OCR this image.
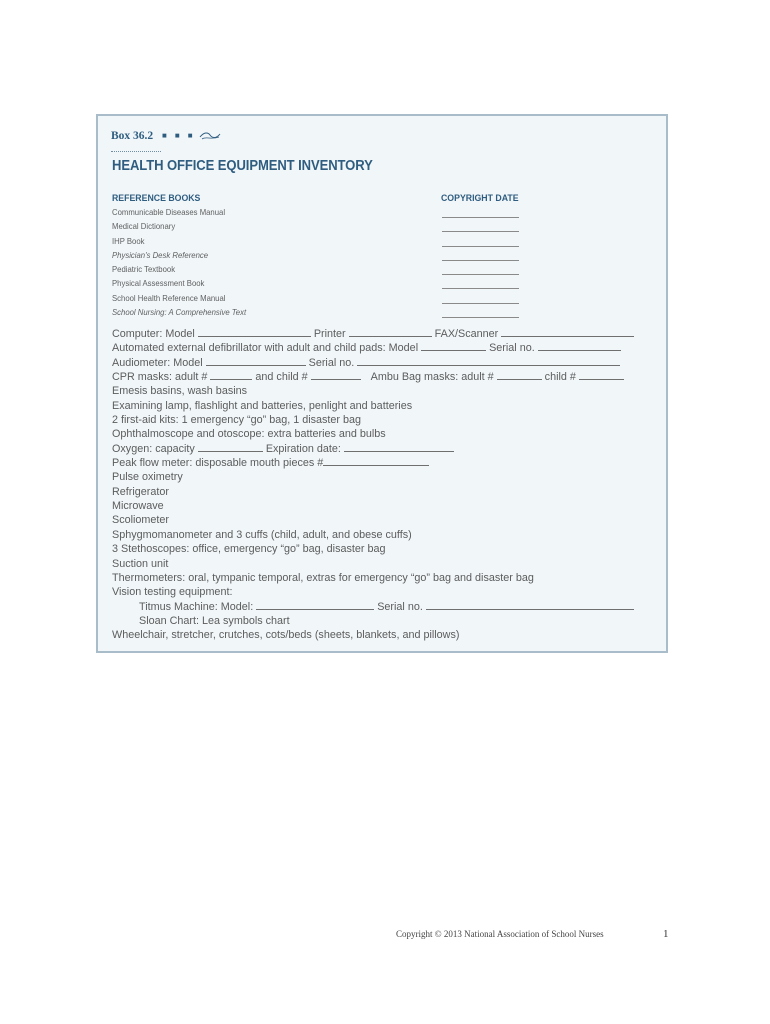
Box 36.2 ■ ■ ■
HEALTH OFFICE EQUIPMENT INVENTORY
REFERENCE BOOKS	COPYRIGHT DATE
Communicable Diseases Manual
Medical Dictionary
IHP Book
Physician's Desk Reference
Pediatric Textbook
Physical Assessment Book
School Health Reference Manual
School Nursing: A Comprehensive Text
Computer: Model	Printer	FAX/Scanner
Automated external defibrillator with adult and child pads: Model	Serial no.
Audiometer: Model	Serial no.
CPR masks: adult #	and child #	Ambu Bag masks: adult #	child #
Emesis basins, wash basins
Examining lamp, flashlight and batteries, penlight and batteries
2 first-aid kits: 1 emergency “go” bag, 1 disaster bag
Ophthalmoscope and otoscope: extra batteries and bulbs
Oxygen: capacity	Expiration date:
Peak flow meter: disposable mouth pieces #
Pulse oximetry
Refrigerator
Microwave
Scoliometer
Sphygmomanometer and 3 cuffs (child, adult, and obese cuffs)
3 Stethoscopes: office, emergency “go” bag, disaster bag
Suction unit
Thermometers: oral, tympanic temporal, extras for emergency “go” bag and disaster bag
Vision testing equipment:
Titmus Machine: Model:	Serial no.
Sloan Chart: Lea symbols chart
Wheelchair, stretcher, crutches, cots/beds (sheets, blankets, and pillows)
Copyright © 2013 National Association of School Nurses	1
